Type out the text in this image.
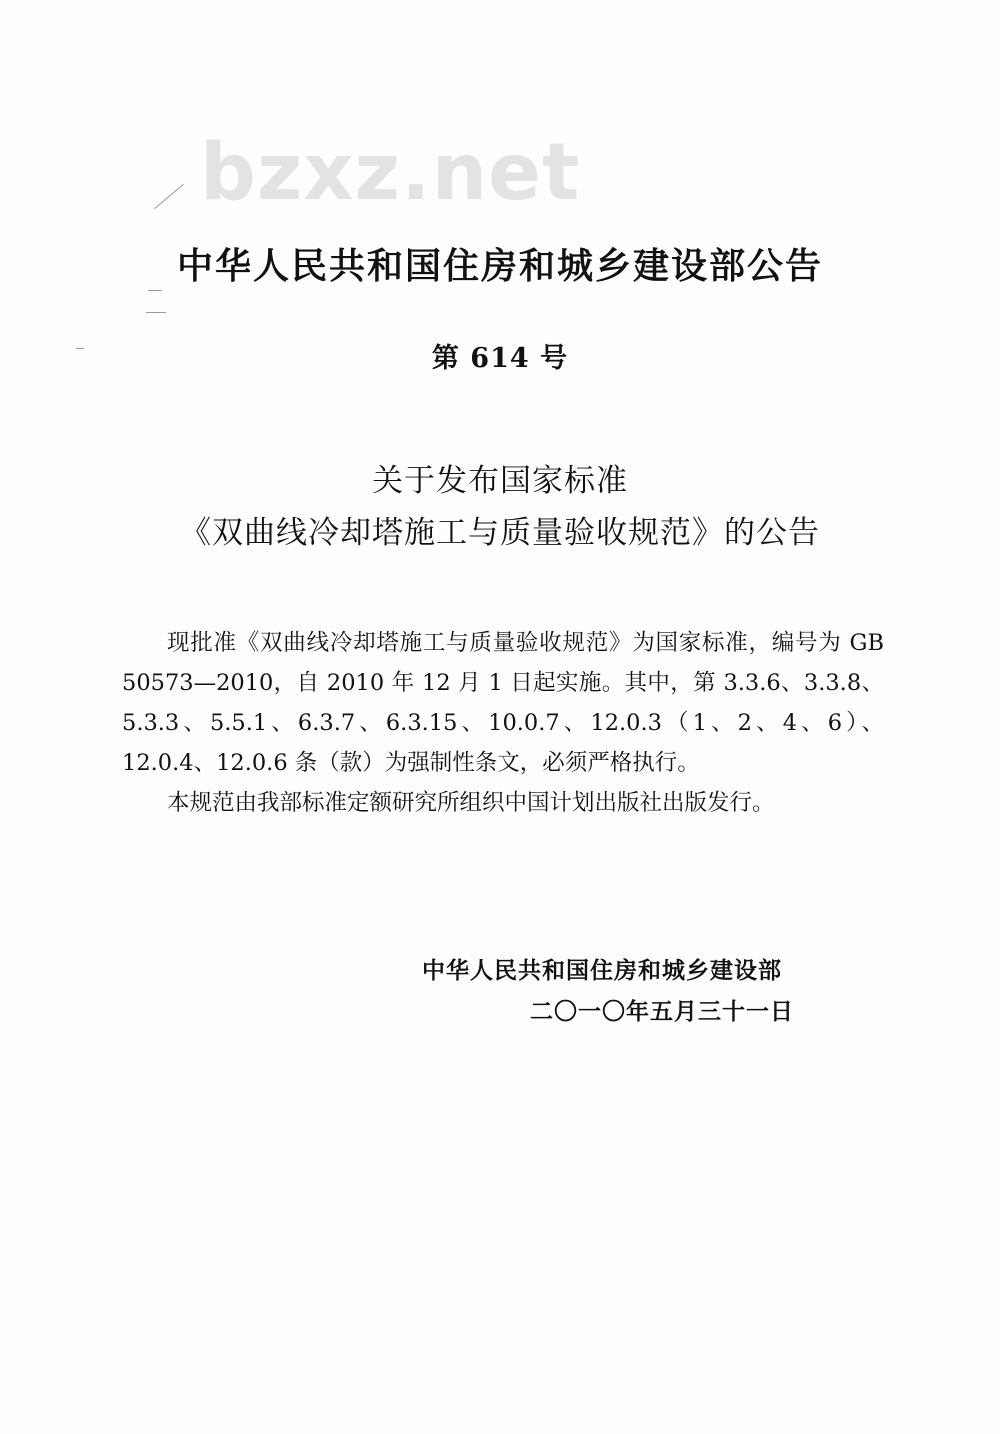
bzxz.net
中华人民共和国住房和城乡建设部公告
第 614 号
关于发布国家标准
《双曲线冷却塔施工与质量验收规范》的公告

现批准《双曲线冷却塔施工与质量验收规范》为国家标准，编号为 GB 50573—2010，自 2010 年 12 月 1 日起实施。其中，第 3.3.6、3.3.8、5.3.3、5.5.1、6.3.7、6.3.15、10.0.7、12.0.3（1、2、4、6）、12.0.4、12.0.6 条（款）为强制性条文，必须严格执行。

本规范由我部标准定额研究所组织中国计划出版社出版发行。

中华人民共和国住房和城乡建设部
二〇一〇年五月三十一日
